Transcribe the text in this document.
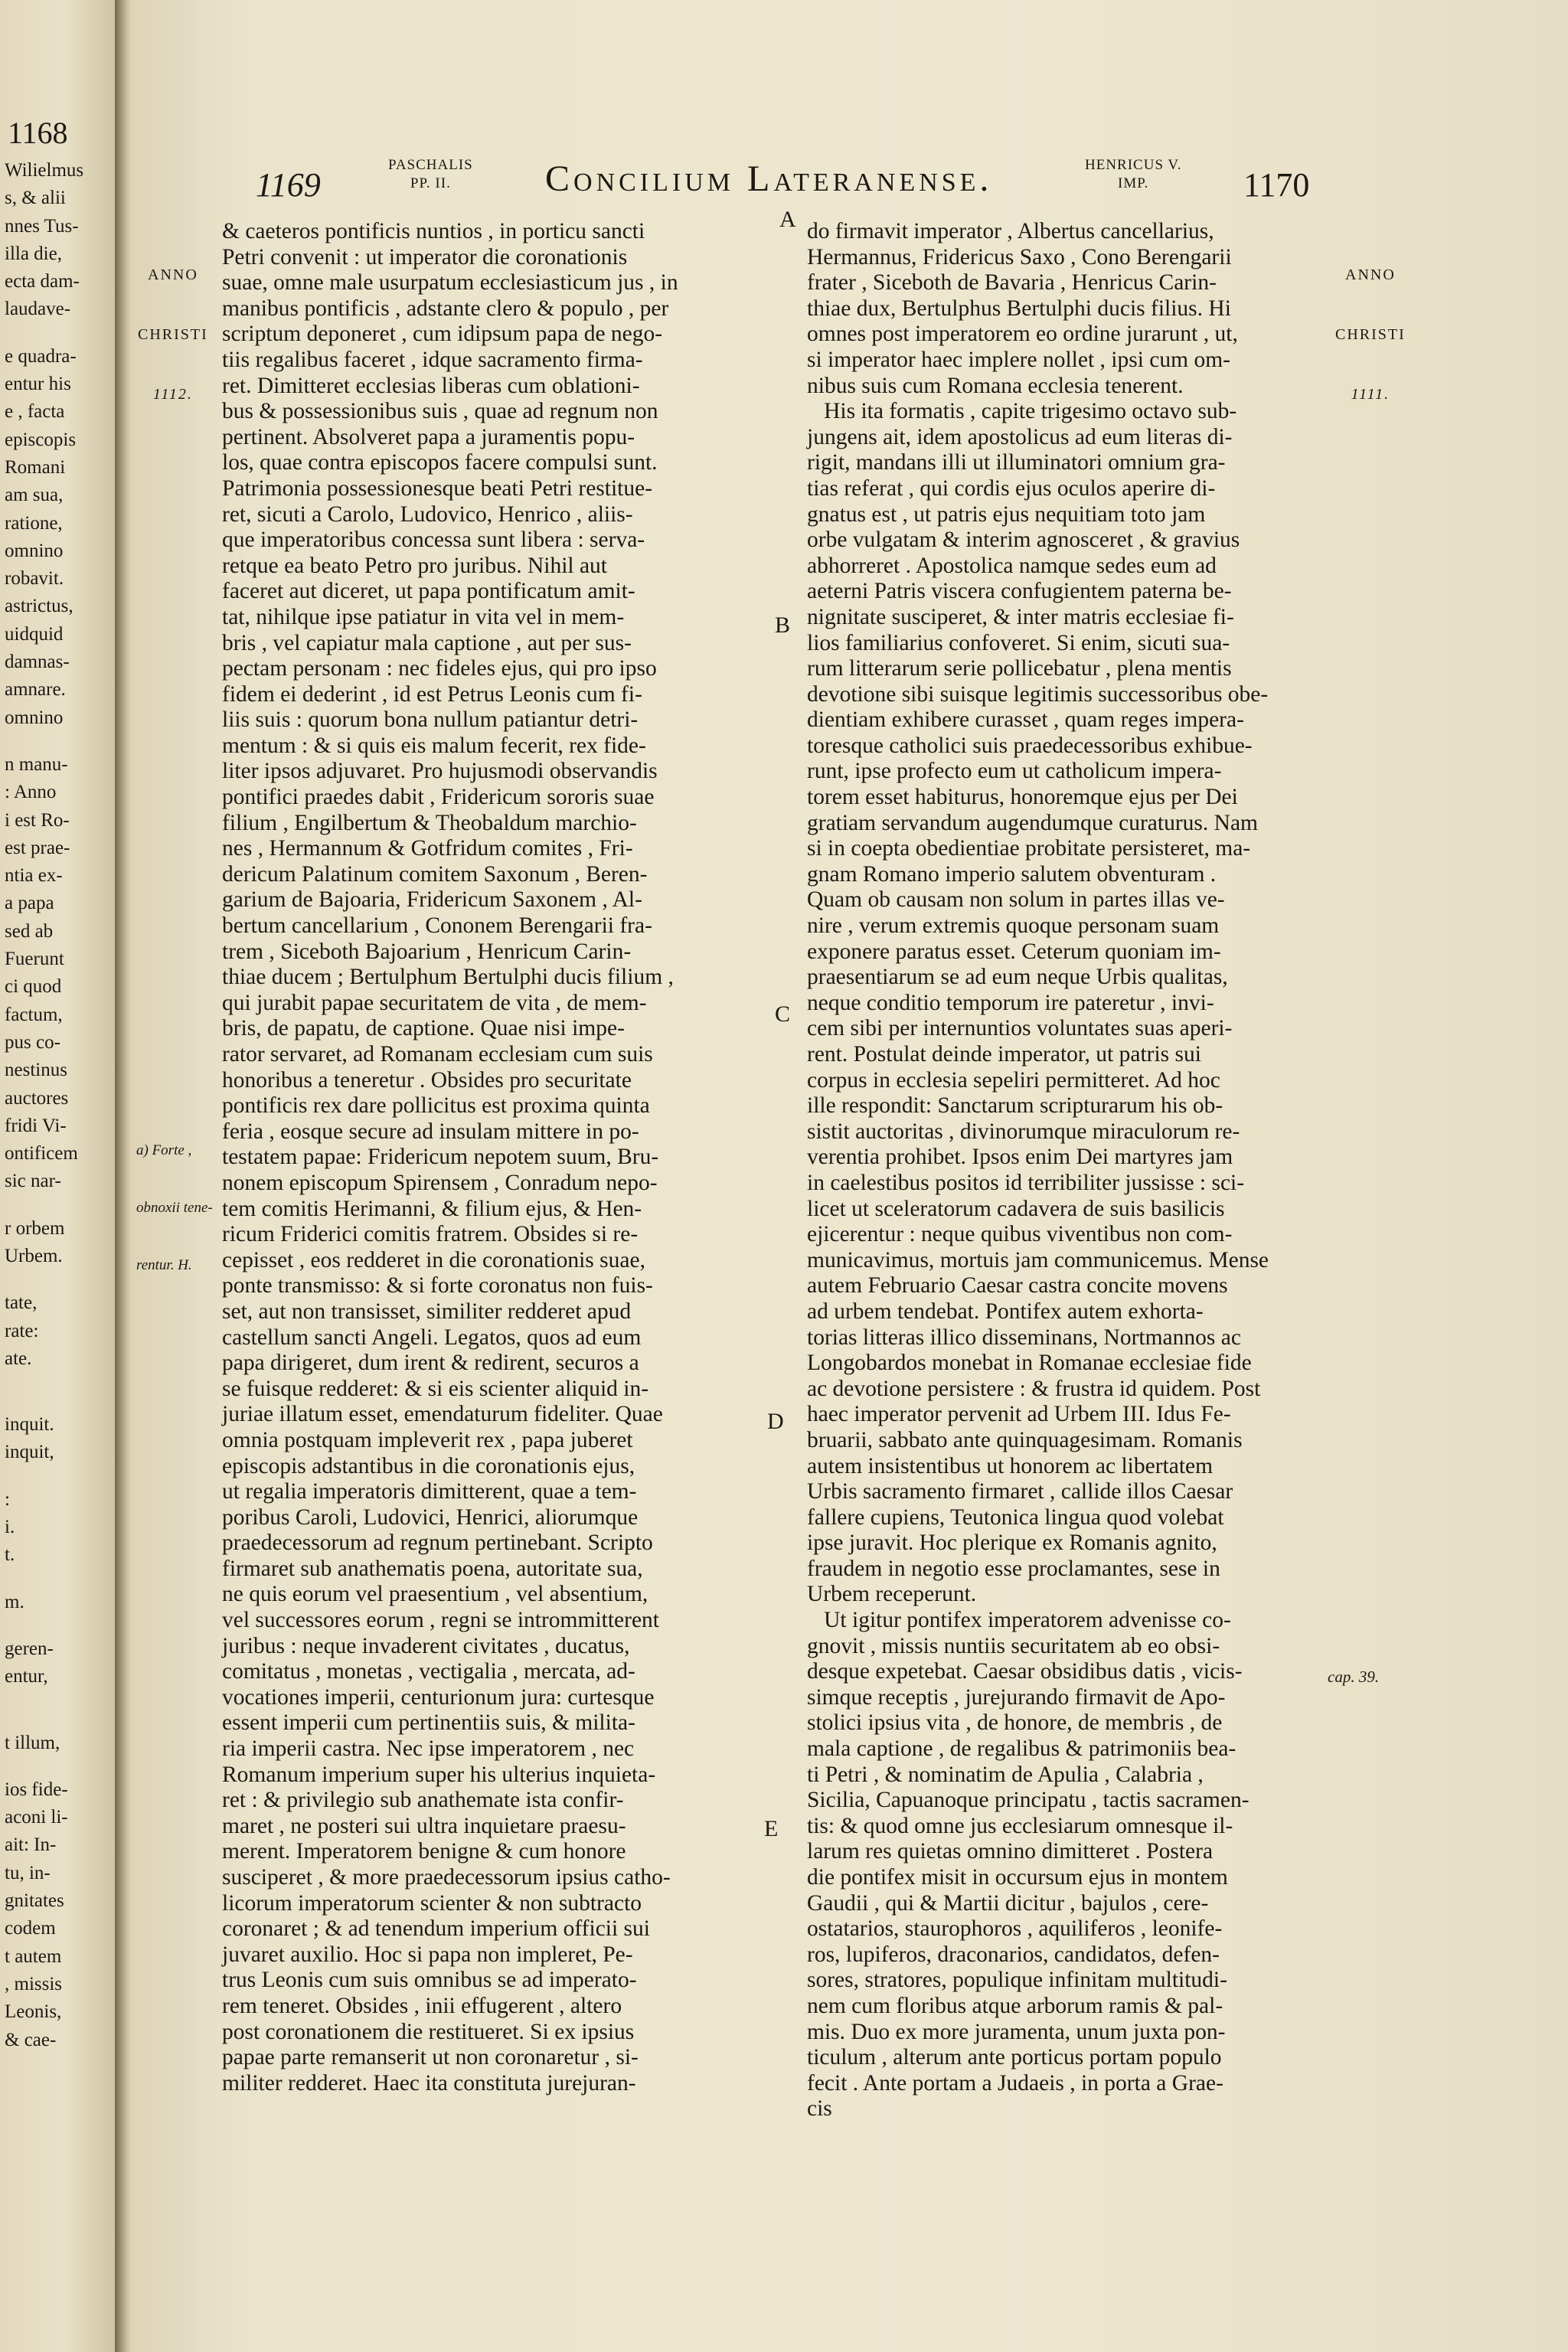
1168
Wilielmus
s, & alii
nnes Tus-
illa die,
ecta dam-
laudave-
e quadra-
entur his
e , facta
episcopis
Romani
am sua,
ratione,
omnino
robavit.
astrictus,
uidquid
damnas-
amnare.
omnino
n manu-
: Anno
i est Ro-
est prae-
ntia ex-
a papa
sed ab
Fuerunt
ci quod
factum,
pus co-
nestinus
auctores
fridi Vi-
ontificem
sic nar-
r orbem
Urbem.
tate,
rate:
ate.
inquit.
inquit,
:
i.
t.
m.
geren-
entur,
t illum,
ios fide-
aconi li-
ait: In-
tu, in-
gnitates
codem
t autem
, missis
Leonis,
& cae-
1169
PASCHALIS
PP. II.	Concilium Lateranense.	HENRICUS V.
IMP.	1170

ANNO

CHRISTI

1112.

ANNO

CHRISTI

1111.

a) Forte ,

obnoxii tene-

rentur. H.

cap. 39.
A
B
C
D
E
& caeteros pontificis nuntios , in porticu sancti
Petri convenit : ut imperator die coronationis
suae, omne male usurpatum ecclesiasticum jus , in
manibus pontificis , adstante clero & populo , per
scriptum deponeret , cum idipsum papa de nego-
tiis regalibus faceret , idque sacramento firma-
ret. Dimitteret ecclesias liberas cum oblationi-
bus & possessionibus suis , quae ad regnum non
pertinent. Absolveret papa a juramentis popu-
los, quae contra episcopos facere compulsi sunt.
Patrimonia possessionesque beati Petri restitue-
ret, sicuti a Carolo, Ludovico, Henrico , aliis-
que imperatoribus concessa sunt libera : serva-
retque ea beato Petro pro juribus. Nihil aut
faceret aut diceret, ut papa pontificatum amit-
tat, nihilque ipse patiatur in vita vel in mem-
bris , vel capiatur mala captione , aut per sus-
pectam personam : nec fideles ejus, qui pro ipso
fidem ei dederint , id est Petrus Leonis cum fi-
liis suis : quorum bona nullum patiantur detri-
mentum : & si quis eis malum fecerit, rex fide-
liter ipsos adjuvaret. Pro hujusmodi observandis
pontifici praedes dabit , Fridericum sororis suae
filium , Engilbertum & Theobaldum marchio-
nes , Hermannum & Gotfridum comites , Fri-
dericum Palatinum comitem Saxonum , Beren-
garium de Bajoaria, Fridericum Saxonem , Al-
bertum cancellarium , Cononem Berengarii fra-
trem , Siceboth Bajoarium , Henricum Carin-
thiae ducem ; Bertulphum Bertulphi ducis filium ,
qui jurabit papae securitatem de vita , de mem-
bris, de papatu, de captione. Quae nisi impe-
rator servaret, ad Romanam ecclesiam cum suis
honoribus a teneretur . Obsides pro securitate
pontificis rex dare pollicitus est proxima quinta
feria , eosque secure ad insulam mittere in po-
testatem papae: Fridericum nepotem suum, Bru-
nonem episcopum Spirensem , Conradum nepo-
tem comitis Herimanni, & filium ejus, & Hen-
ricum Friderici comitis fratrem. Obsides si re-
cepisset , eos redderet in die coronationis suae,
ponte transmisso: & si forte coronatus non fuis-
set, aut non transisset, similiter redderet apud
castellum sancti Angeli. Legatos, quos ad eum
papa dirigeret, dum irent & redirent, securos a
se fuisque redderet: & si eis scienter aliquid in-
juriae illatum esset, emendaturum fideliter. Quae
omnia postquam impleverit rex , papa juberet
episcopis adstantibus in die coronationis ejus,
ut regalia imperatoris dimitterent, quae a tem-
poribus Caroli, Ludovici, Henrici, aliorumque
praedecessorum ad regnum pertinebant. Scripto
firmaret sub anathematis poena, autoritate sua,
ne quis eorum vel praesentium , vel absentium,
vel successores eorum , regni se intrommitterent
juribus : neque invaderent civitates , ducatus,
comitatus , monetas , vectigalia , mercata, ad-
vocationes imperii, centurionum jura: curtesque
essent imperii cum pertinentiis suis, & milita-
ria imperii castra. Nec ipse imperatorem , nec
Romanum imperium super his ulterius inquieta-
ret : & privilegio sub anathemate ista confir-
maret , ne posteri sui ultra inquietare praesu-
merent. Imperatorem benigne & cum honore
susciperet , & more praedecessorum ipsius catho-
licorum imperatorum scienter & non subtracto
coronaret ; & ad tenendum imperium officii sui
juvaret auxilio. Hoc si papa non impleret, Pe-
trus Leonis cum suis omnibus se ad imperato-
rem teneret. Obsides , inii effugerent , altero
post coronationem die restitueret. Si ex ipsius
papae parte remanserit ut non coronaretur , si-
militer redderet. Haec ita constituta jurejuran-
do firmavit imperator , Albertus cancellarius,
Hermannus, Fridericus Saxo , Cono Berengarii
frater , Siceboth de Bavaria , Henricus Carin-
thiae dux, Bertulphus Bertulphi ducis filius. Hi
omnes post imperatorem eo ordine jurarunt , ut,
si imperator haec implere nollet , ipsi cum om-
nibus suis cum Romana ecclesia tenerent.
His ita formatis , capite trigesimo octavo sub-
jungens ait, idem apostolicus ad eum literas di-
rigit, mandans illi ut illuminatori omnium gra-
tias referat , qui cordis ejus oculos aperire di-
gnatus est , ut patris ejus nequitiam toto jam
orbe vulgatam & interim agnosceret , & gravius
abhorreret . Apostolica namque sedes eum ad
aeterni Patris viscera confugientem paterna be-
nignitate susciperet, & inter matris ecclesiae fi-
lios familiarius confoveret. Si enim, sicuti sua-
rum litterarum serie pollicebatur , plena mentis
devotione sibi suisque legitimis successoribus obe-
dientiam exhibere curasset , quam reges impera-
toresque catholici suis praedecessoribus exhibue-
runt, ipse profecto eum ut catholicum impera-
torem esset habiturus, honoremque ejus per Dei
gratiam servandum augendumque curaturus. Nam
si in coepta obedientiae probitate persisteret, ma-
gnam Romano imperio salutem obventuram .
Quam ob causam non solum in partes illas ve-
nire , verum extremis quoque personam suam
exponere paratus esset. Ceterum quoniam im-
praesentiarum se ad eum neque Urbis qualitas,
neque conditio temporum ire pateretur , invi-
cem sibi per internuntios voluntates suas aperi-
rent. Postulat deinde imperator, ut patris sui
corpus in ecclesia sepeliri permitteret. Ad hoc
ille respondit: Sanctarum scripturarum his ob-
sistit auctoritas , divinorumque miraculorum re-
verentia prohibet. Ipsos enim Dei martyres jam
in caelestibus positos id terribiliter jussisse : sci-
licet ut sceleratorum cadavera de suis basilicis
ejicerentur : neque quibus viventibus non com-
municavimus, mortuis jam communicemus. Mense
autem Februario Caesar castra concite movens
ad urbem tendebat. Pontifex autem exhorta-
torias litteras illico disseminans, Nortmannos ac
Longobardos monebat in Romanae ecclesiae fide
ac devotione persistere : & frustra id quidem. Post
haec imperator pervenit ad Urbem III. Idus Fe-
bruarii, sabbato ante quinquagesimam. Romanis
autem insistentibus ut honorem ac libertatem
Urbis sacramento firmaret , callide illos Caesar
fallere cupiens, Teutonica lingua quod volebat
ipse juravit. Hoc plerique ex Romanis agnito,
fraudem in negotio esse proclamantes, sese in
Urbem receperunt.
Ut igitur pontifex imperatorem advenisse co-
gnovit , missis nuntiis securitatem ab eo obsi-
desque expetebat. Caesar obsidibus datis , vicis-
simque receptis , jurejurando firmavit de Apo-
stolici ipsius vita , de honore, de membris , de
mala captione , de regalibus & patrimoniis bea-
ti Petri , & nominatim de Apulia , Calabria ,
Sicilia, Capuanoque principatu , tactis sacramen-
tis: & quod omne jus ecclesiarum omnesque il-
larum res quietas omnino dimitteret . Postera
die pontifex misit in occursum ejus in montem
Gaudii , qui & Martii dicitur , bajulos , cere-
ostatarios, staurophoros , aquiliferos , leonife-
ros, lupiferos, draconarios, candidatos, defen-
sores, stratores, populique infinitam multitudi-
nem cum floribus atque arborum ramis & pal-
mis. Duo ex more juramenta, unum juxta pon-
ticulum , alterum ante porticus portam populo
fecit . Ante portam a Judaeis , in porta a Grae-
cis
